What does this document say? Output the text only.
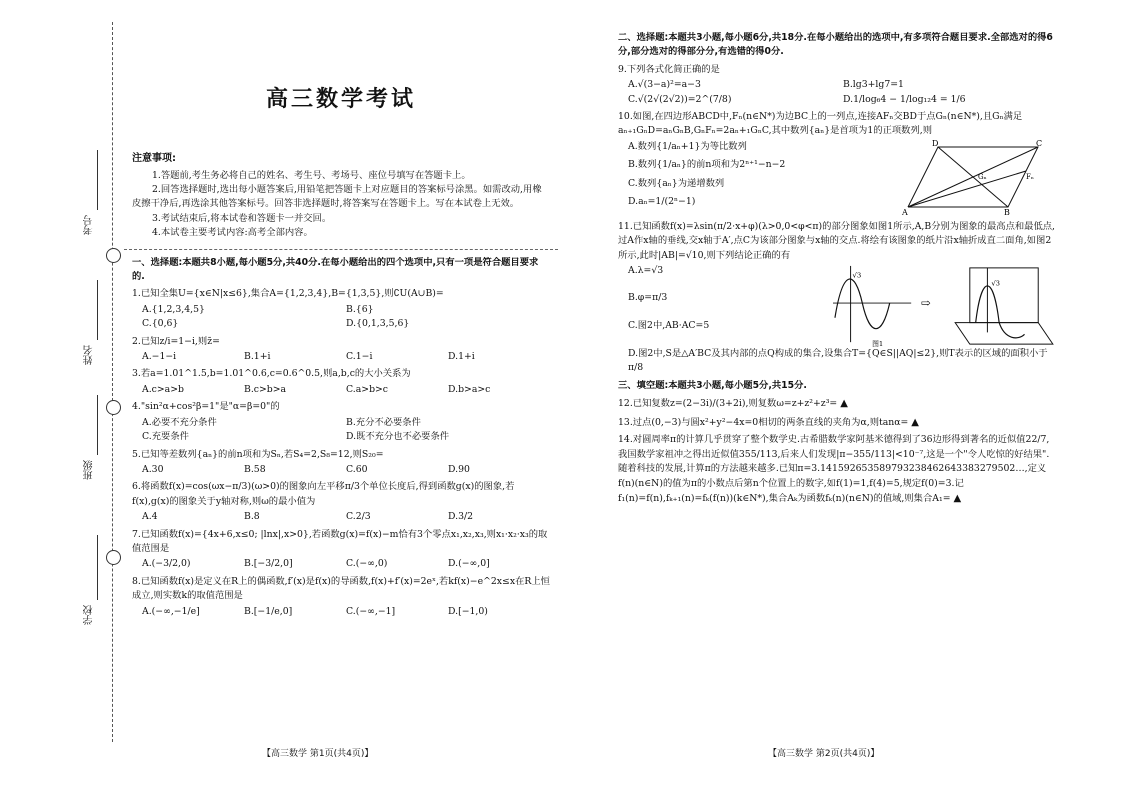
考号
姓名
班级
学校
高三数学考试
注意事项:

1.答题前,考生务必将自己的姓名、考生号、考场号、座位号填写在答题卡上。

2.回答选择题时,选出每小题答案后,用铅笔把答题卡上对应题目的答案标号涂黑。如需改动,用橡皮擦干净后,再选涂其他答案标号。回答非选择题时,将答案写在答题卡上。写在本试卷上无效。

3.考试结束后,将本试卷和答题卡一并交回。

4.本试卷主要考试内容:高考全部内容。

一、选择题:本题共8小题,每小题5分,共40分.在每小题给出的四个选项中,只有一项是符合题目要求的.
1.已知全集U={x∈N|x≤6},集合A={1,2,3,4},B={1,3,5},则∁U(A∪B)=
A.{1,2,3,4,5}	B.{6}
C.{0,6}	D.{0,1,3,5,6}
2.已知z/i=1−i,则z̄=
A.−1−i	B.1+i	C.1−i	D.1+i
3.若a=1.01^1.5,b=1.01^0.6,c=0.6^0.5,则a,b,c的大小关系为
A.c>a>b	B.c>b>a	C.a>b>c	D.b>a>c
4."sin²α+cos²β=1"是"α=β=0"的
A.必要不充分条件	B.充分不必要条件
C.充要条件	D.既不充分也不必要条件
5.已知等差数列{aₙ}的前n项和为Sₙ,若S₄=2,S₈=12,则S₂₀=
A.30	B.58	C.60	D.90
6.将函数f(x)=cos(ωx−π/3)(ω>0)的图象向左平移π/3个单位长度后,得到函数g(x)的图象,若f(x),g(x)的图象关于y轴对称,则ω的最小值为
A.4	B.8	C.2/3	D.3/2
7.已知函数f(x)={4x+6,x≤0; |lnx|,x>0},若函数g(x)=f(x)−m恰有3个零点x₁,x₂,x₃,则x₁·x₂·x₃的取值范围是
A.(−3/2,0)	B.[−3/2,0]	C.(−∞,0)	D.(−∞,0]
8.已知函数f(x)是定义在R上的偶函数,f′(x)是f(x)的导函数,f(x)+f′(x)=2eˣ,若kf(x)−e^2x≤x在R上恒成立,则实数k的取值范围是
A.(−∞,−1/e]	B.[−1/e,0]	C.(−∞,−1]	D.[−1,0)
【高三数学 第1页(共4页)】
二、选择题:本题共3小题,每小题6分,共18分.在每小题给出的选项中,有多项符合题目要求.全部选对的得6分,部分选对的得部分分,有选错的得0分.
9.下列各式化简正确的是
A.√(3−a)²=a−3	B.lg3+lg7=1
C.√(2√(2√2))=2^(7/8)	D.1/log₆4 − 1/log₁₂4 = 1/6
10.如图,在四边形ABCD中,Fₙ(n∈N*)为边BC上的一列点,连接AFₙ交BD于点Gₙ(n∈N*),且Gₙ满足aₙ₊₁GₙD=aₙGₙB,GₙFₙ=2aₙ+₁GₙC,其中数列{aₙ}是首项为1的正项数列,则
A.数列{1/aₙ+1}为等比数列
B.数列{1/aₙ}的前n项和为2ⁿ⁺¹−n−2
C.数列{aₙ}为递增数列
D.aₙ=1/(2ⁿ−1)
D	C
A	B
Gₙ	Fₙ
11.已知函数f(x)=λsin(π/2·x+φ)(λ>0,0<φ<π)的部分图象如图1所示,A,B分别为图象的最高点和最低点,过A作x轴的垂线,交x轴于A′,点C为该部分图象与x轴的交点.将绘有该图象的纸片沿x轴折成直二面角,如图2所示,此时|AB|=√10,则下列结论正确的有
A.λ=√3
B.φ=π/3
C.图2中,AB·AC=5
√3
图1
⇨
√3
D.图2中,S是△A′BC及其内部的点Q构成的集合,设集合T={Q∈S||AQ|≤2},则T表示的区域的面积小于π/8
三、填空题:本题共3小题,每小题5分,共15分.
12.已知复数z=(2−3i)/(3+2i),则复数ω=z+z²+z³= ▲
13.过点(0,−3)与圆x²+y²−4x=0相切的两条直线的夹角为α,则tanα= ▲
14.对圆周率π的计算几乎贯穿了整个数学史.古希腊数学家阿基米德得到了36边形得到著名的近似值22/7,我国数学家祖冲之得出近似值355/113,后来人们发现|π−355/113|<10⁻⁷,这是一个"令人吃惊的好结果".随着科技的发展,计算π的方法越来越多.已知π=3.141592653589793238462643383279502…,定义f(n)(n∈N)的值为π的小数点后第n个位置上的数字,如f(1)=1,f(4)=5,规定f(0)=3.记f₁(n)=f(n),fₖ₊₁(n)=fₖ(f(n))(k∈N*),集合Aₖ为函数fₖ(n)(n∈N)的值域,则集合A₁= ▲
【高三数学 第2页(共4页)】
